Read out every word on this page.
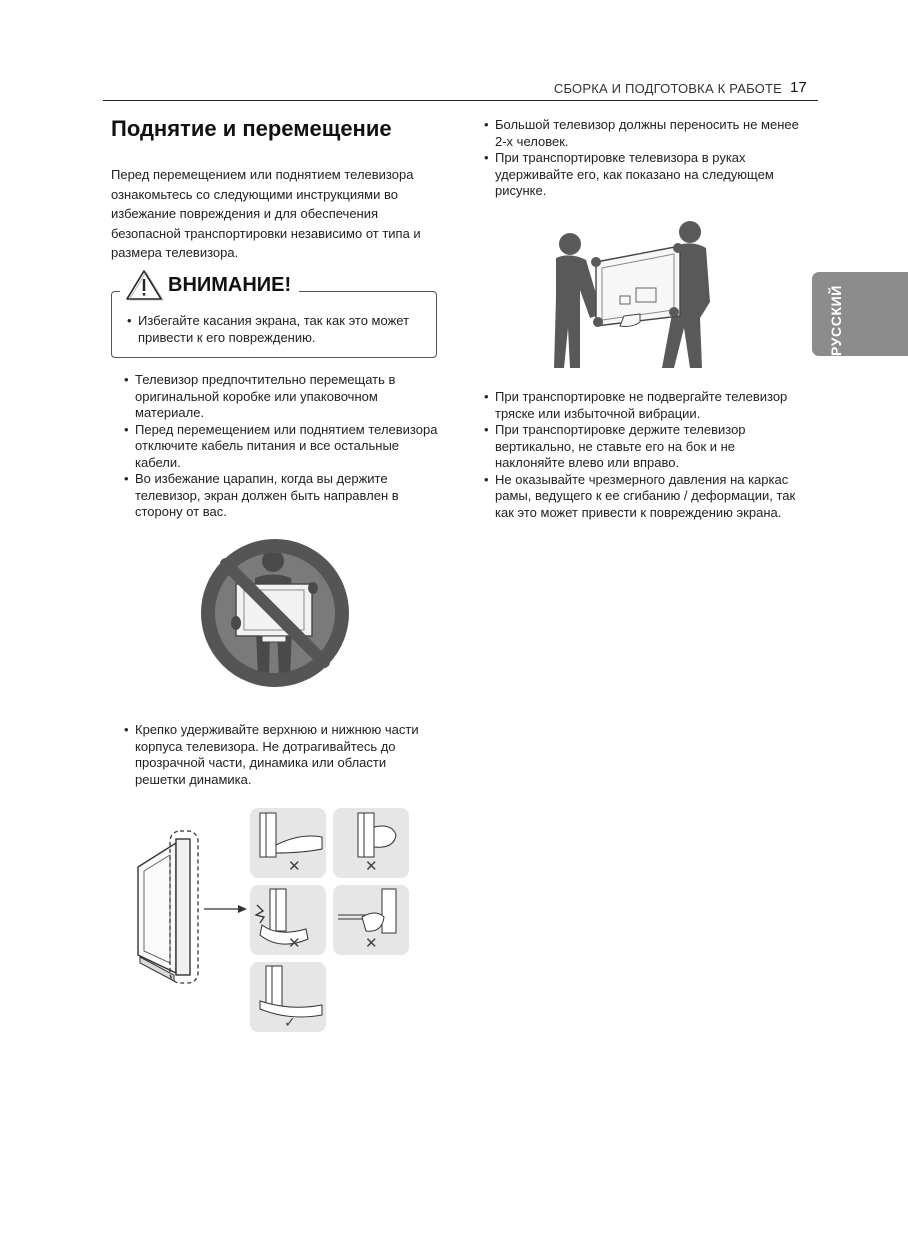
СБОРКА И ПОДГОТОВКА К РАБОТЕ 17
РУССКИЙ
Поднятие и перемещение
Перед перемещением или поднятием телевизора ознакомьтесь со следующими инструкциями во избежание повреждения и для обеспечения безопасной транспортировки независимо от типа и размера телевизора.
ВНИМАНИЕ!
• Избегайте касания экрана, так как это может привести к его повреждению.
• Телевизор предпочтительно перемещать в оригинальной коробке или упаковочном материале.
• Перед перемещением или поднятием телевизора отключите кабель питания и все остальные кабели.
• Во избежание царапин, когда вы держите телевизор, экран должен быть направлен в сторону от вас.
• Крепко удерживайте верхнюю и нижнюю части корпуса телевизора. Не дотрагивайтесь до прозрачной части, динамика или области решетки динамика.
✕	✕
✕	✕
✓
• Большой телевизор должны переносить не менее 2-х человек.
• При транспортировке телевизора в руках удерживайте его, как показано на следующем рисунке.
• При транспортировке не подвергайте телевизор тряске или избыточной вибрации.
• При транспортировке держите телевизор вертикально, не ставьте его на бок и не наклоняйте влево или вправо.
• Не оказывайте чрезмерного давления на каркас рамы, ведущего к ее сгибанию / деформации, так как это может привести к повреждению экрана.
